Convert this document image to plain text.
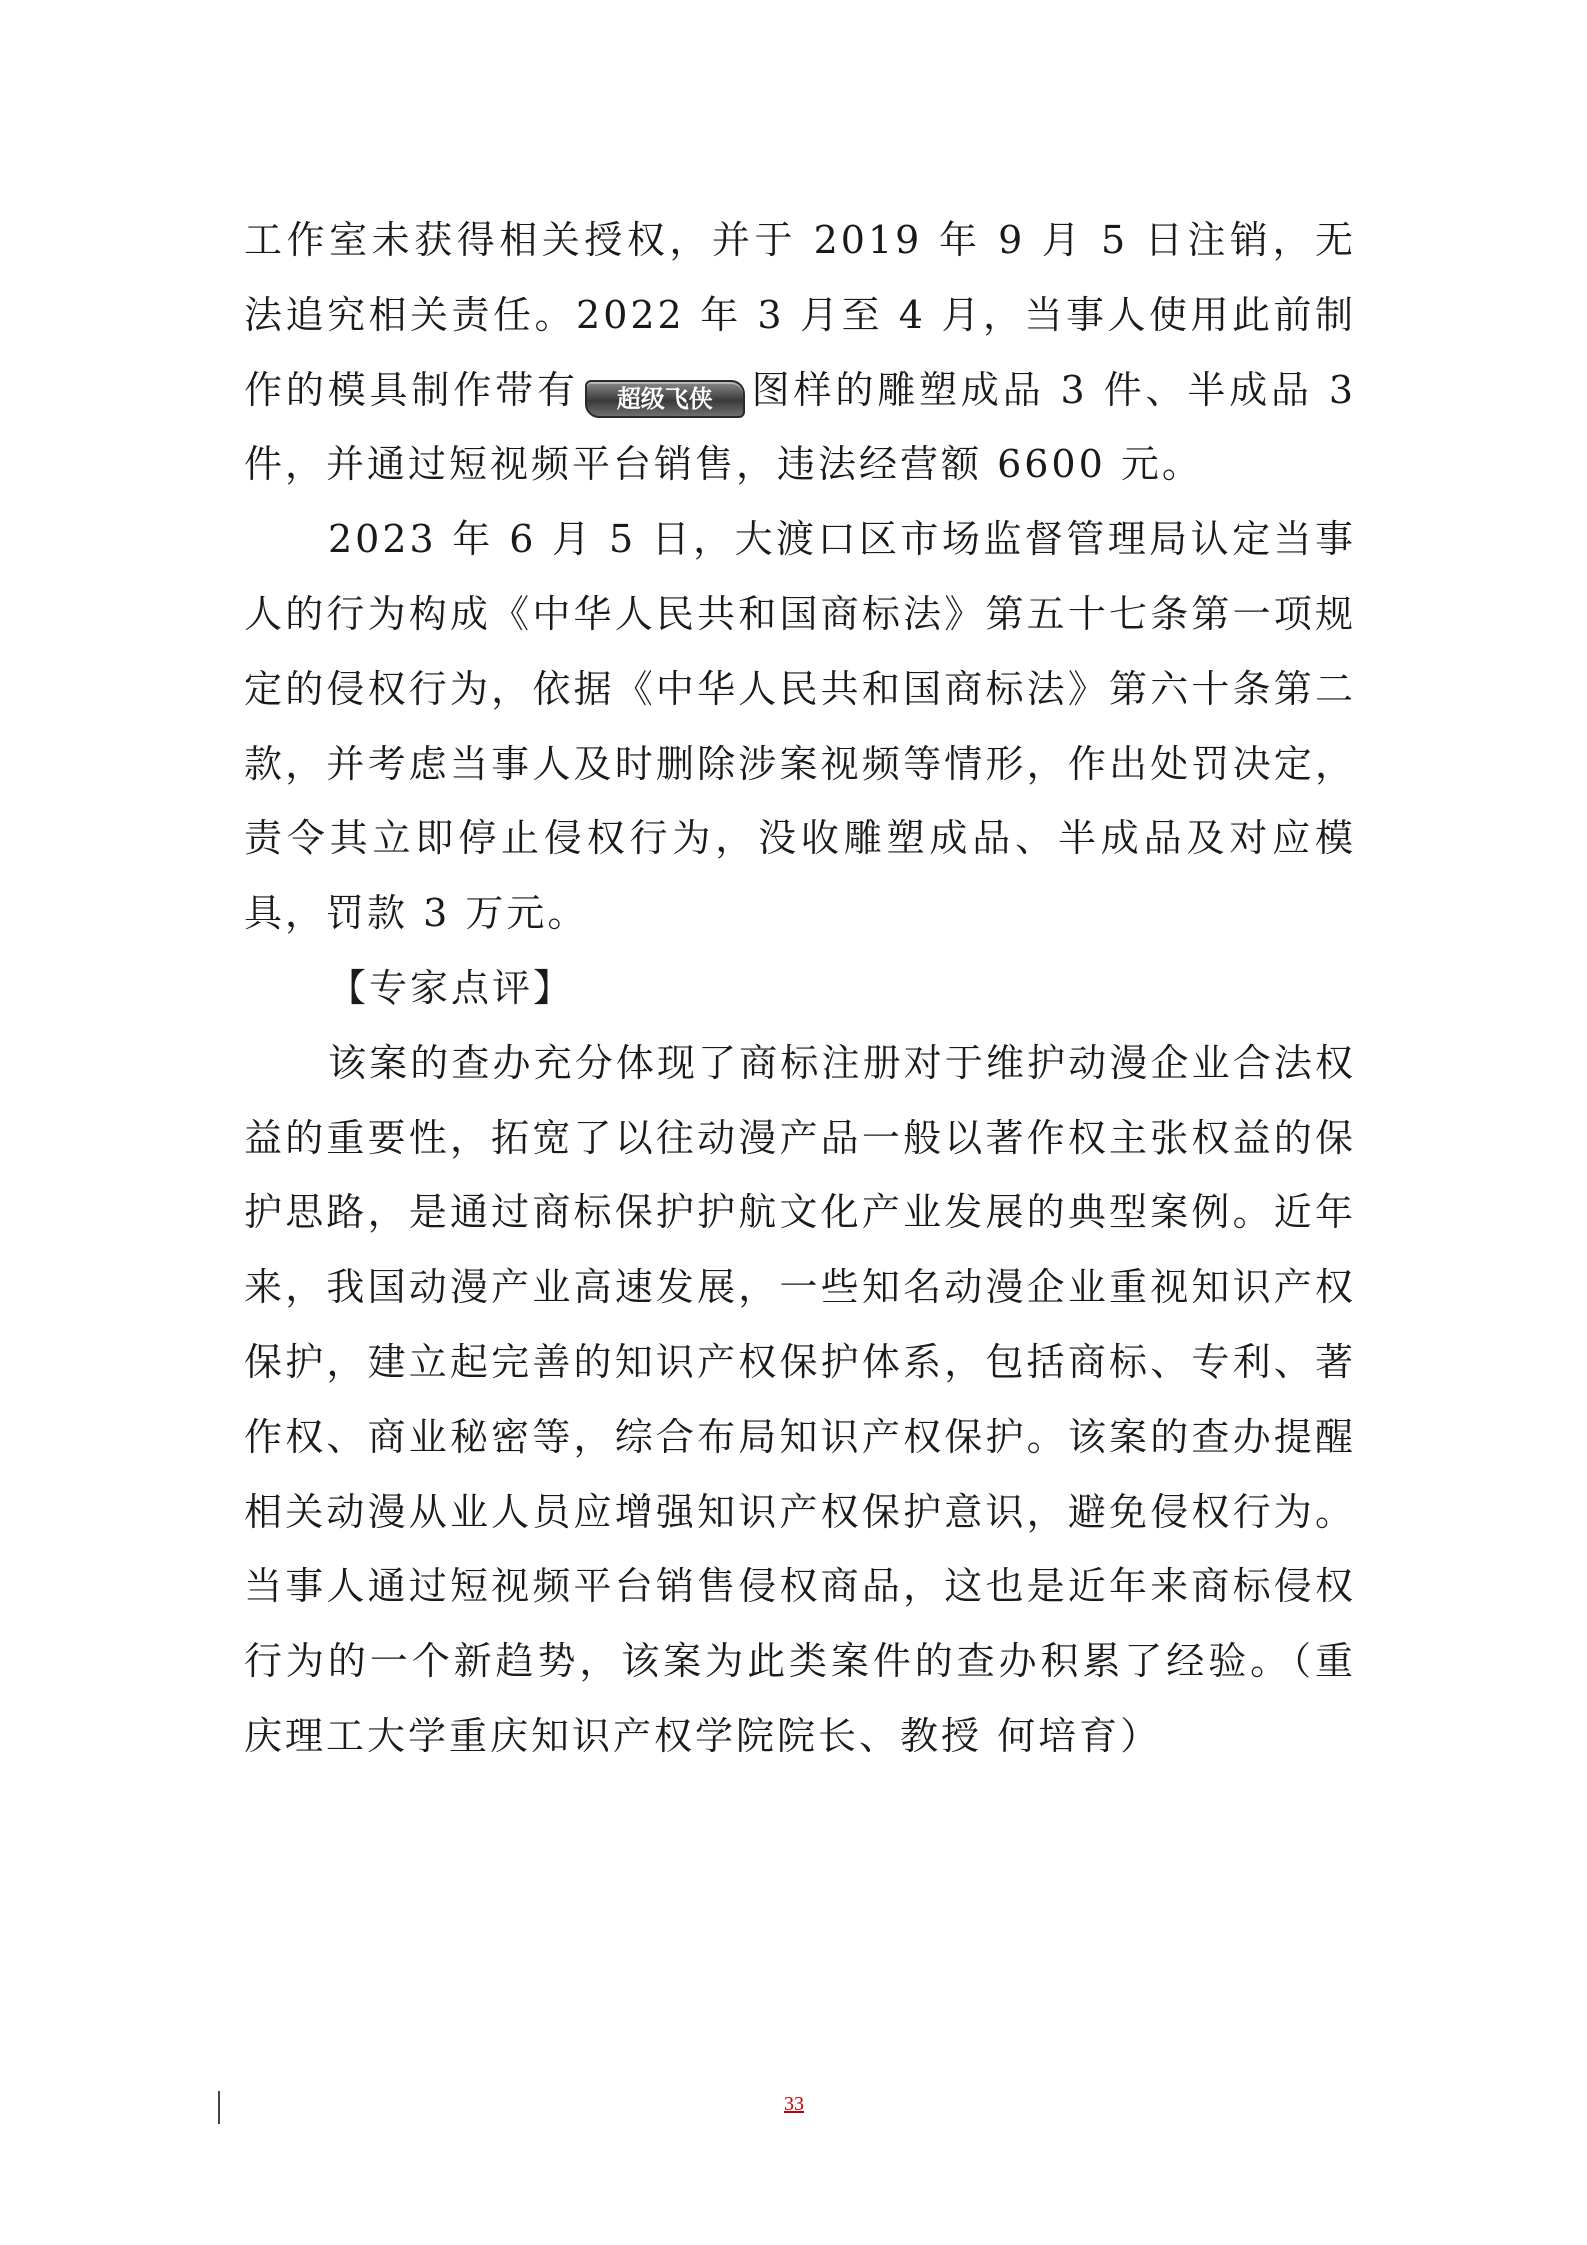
工作室未获得相关授权，并于 2019 年 9 月 5 日注销，无法追究相关责任。2022 年 3 月至 4 月，当事人使用此前制作的模具制作带有 超级飞侠 图样的雕塑成品 3 件、半成品 3 件，并通过短视频平台销售，违法经营额 6600 元。

2023 年 6 月 5 日，大渡口区市场监督管理局认定当事人的行为构成《中华人民共和国商标法》第五十七条第一项规定的侵权行为，依据《中华人民共和国商标法》第六十条第二款，并考虑当事人及时删除涉案视频等情形，作出处罚决定，责令其立即停止侵权行为，没收雕塑成品、半成品及对应模具，罚款 3 万元。

【专家点评】

该案的查办充分体现了商标注册对于维护动漫企业合法权益的重要性，拓宽了以往动漫产品一般以著作权主张权益的保护思路，是通过商标保护护航文化产业发展的典型案例。近年来，我国动漫产业高速发展，一些知名动漫企业重视知识产权保护，建立起完善的知识产权保护体系，包括商标、专利、著作权、商业秘密等，综合布局知识产权保护。该案的查办提醒相关动漫从业人员应增强知识产权保护意识，避免侵权行为。当事人通过短视频平台销售侵权商品，这也是近年来商标侵权行为的一个新趋势，该案为此类案件的查办积累了经验。（重庆理工大学重庆知识产权学院院长、教授 何培育）

33
